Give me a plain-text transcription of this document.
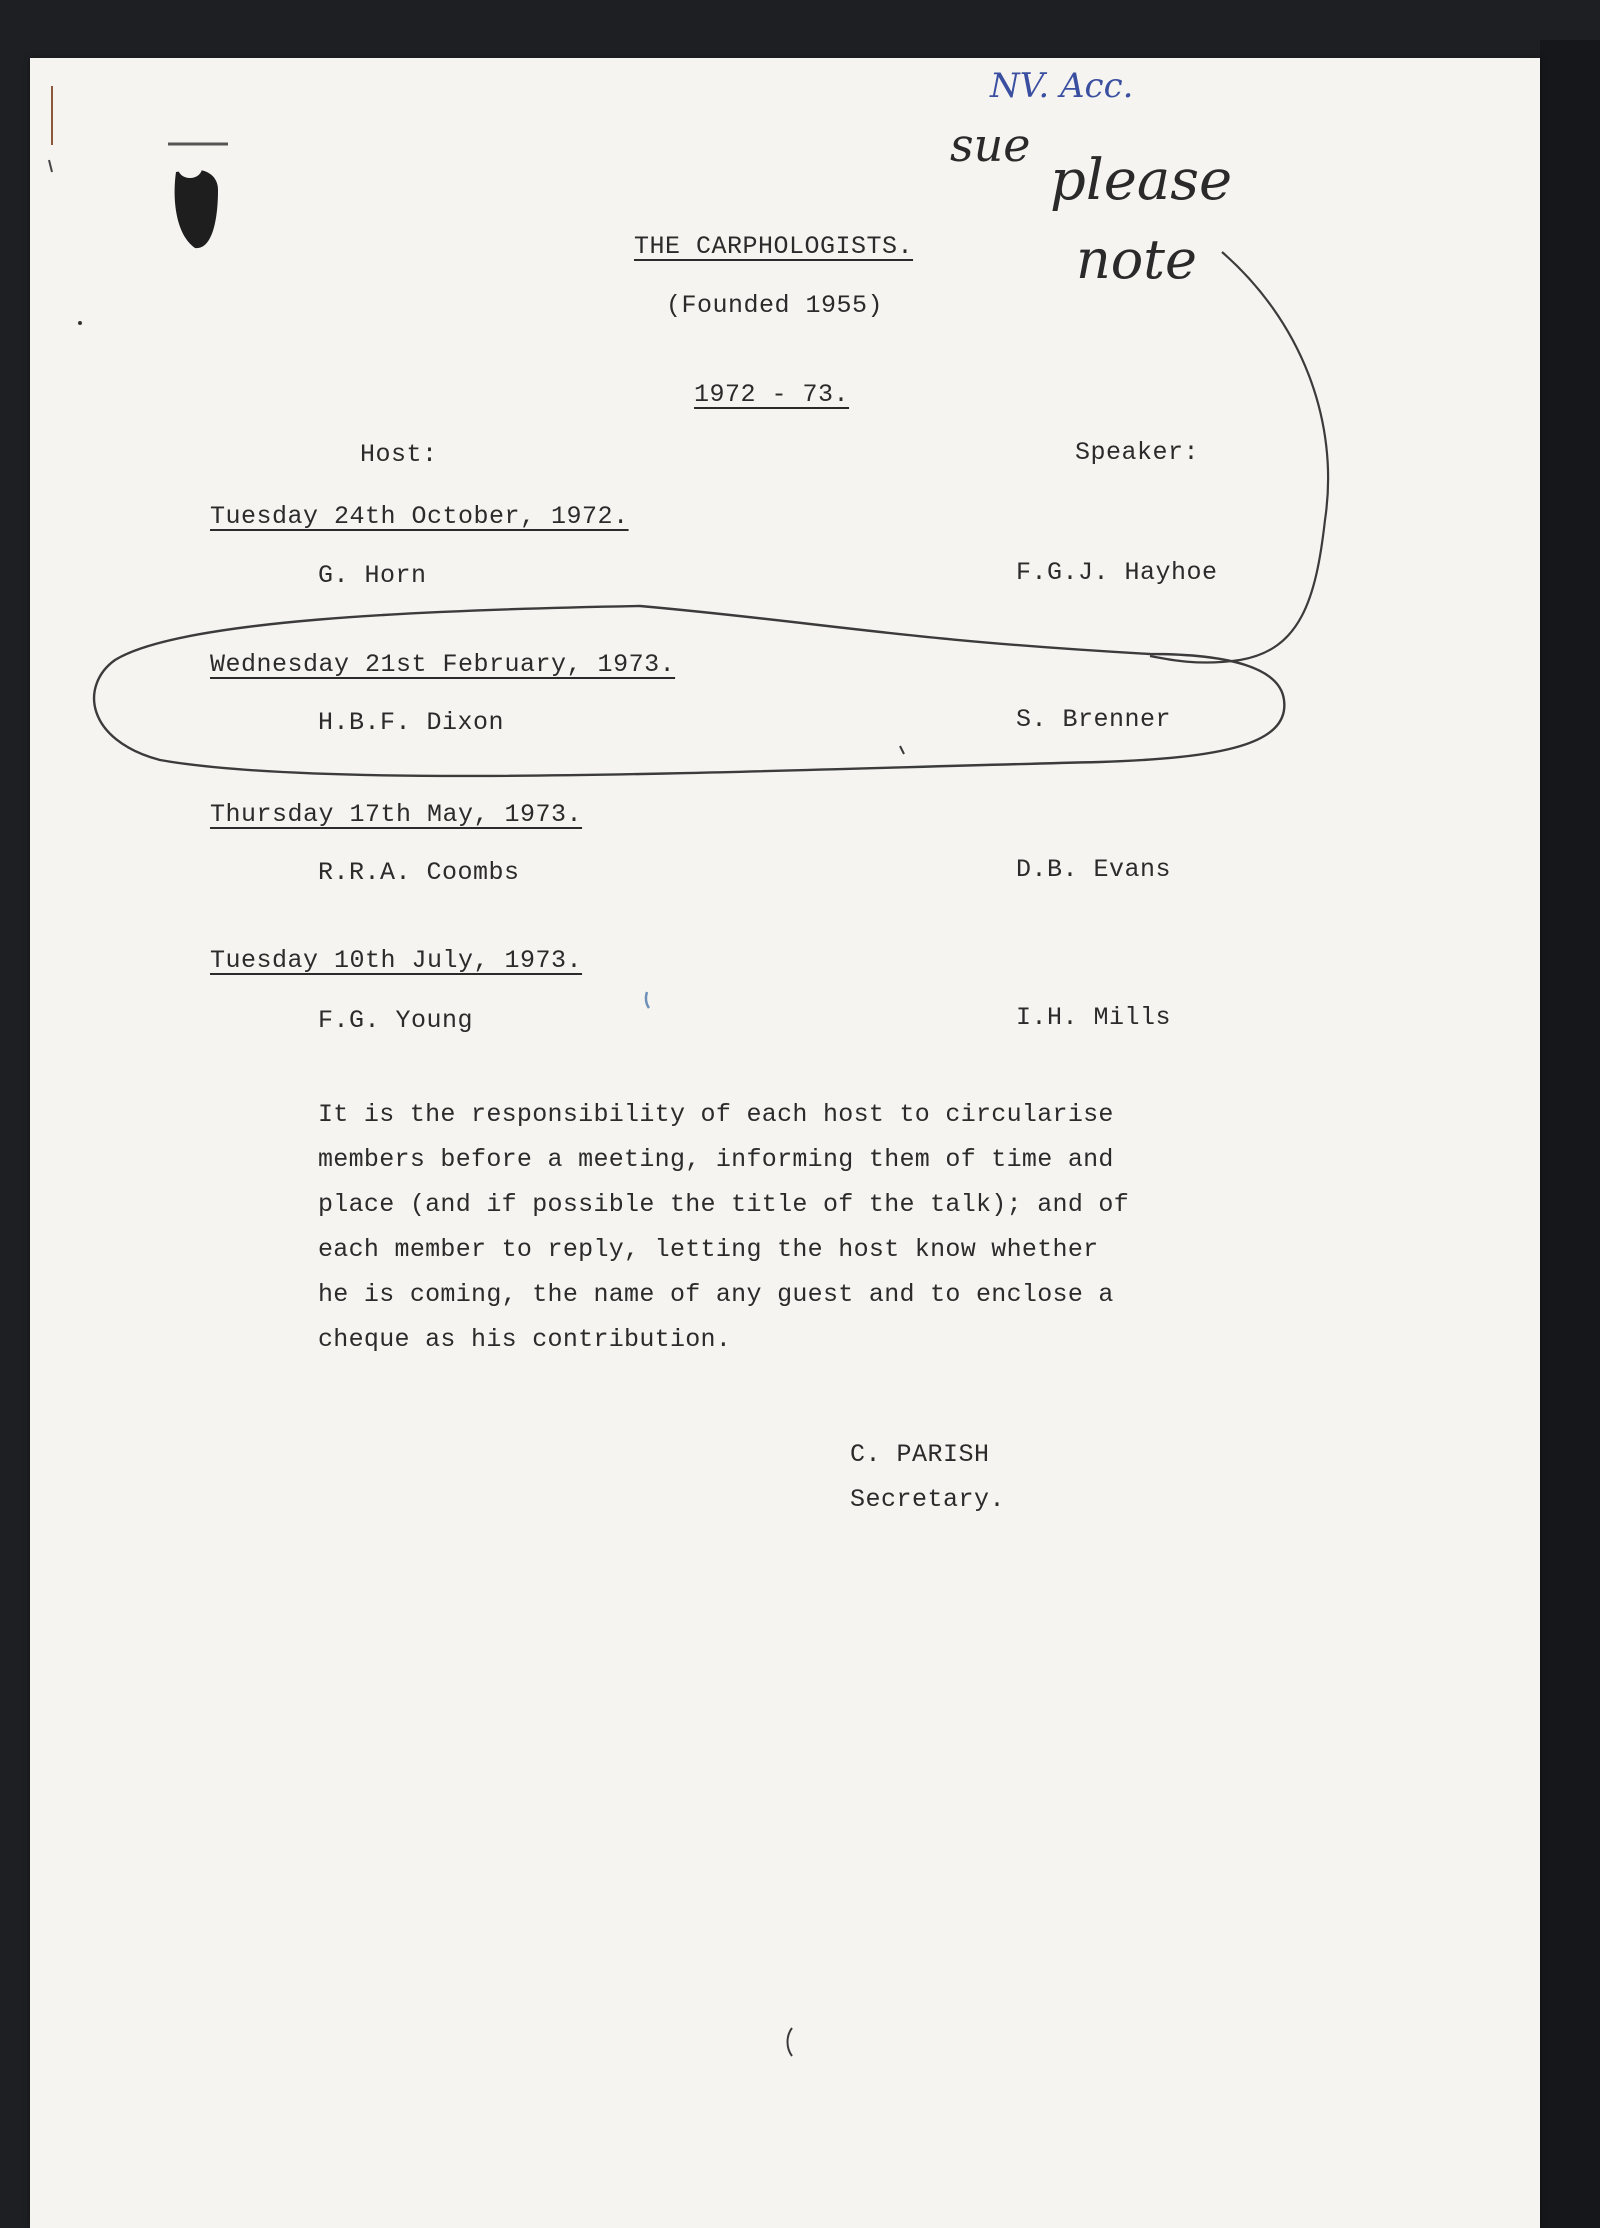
THE CARPHOLOGISTS.
(Founded 1955)
1972 - 73.
Host:	Speaker:
Tuesday 24th October, 1972.
G. Horn	F.G.J. Hayhoe
Wednesday 21st February, 1973.
H.B.F. Dixon	S. Brenner
Thursday 17th May, 1973.
R.R.A. Coombs	D.B. Evans
Tuesday 10th July, 1973.
F.G. Young	I.H. Mills
It is the responsibility of each host to circularise
members before a meeting, informing them of time and
place (and if possible the title of the talk); and of
each member to reply, letting the host know whether
he is coming, the name of any guest and to enclose a
cheque as his contribution.
C. PARISH
Secretary.
NV. Acc.
sue
please
note
